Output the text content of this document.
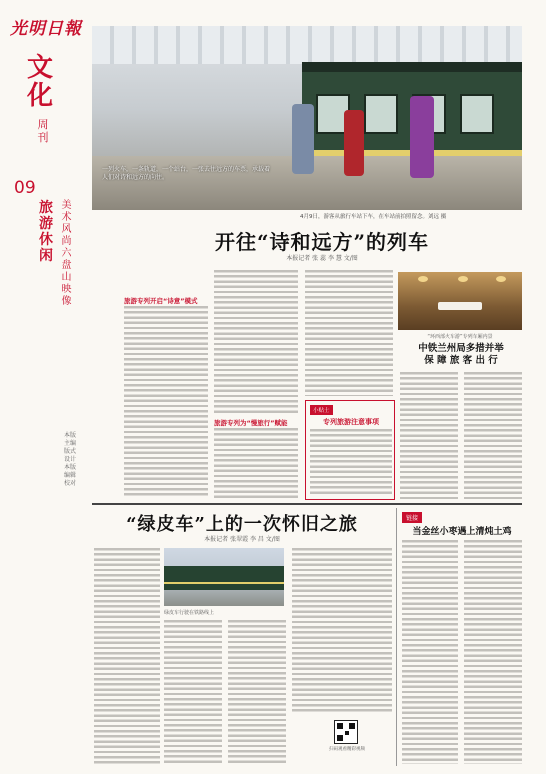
光明日報
文化
周刊
09
旅游休闲
美术风尚 六盘山 映像
本版主编 版式设计 本版编辑 校对
一列火车，一条轨道，一个站台，一张去往远方的车票，承载着人们对诗和远方的向往。
4月9日，游客从旅行车站下车，在车站前拍照留念。刘远 摄
开往“诗和远方”的列车
本报记者 张 蕊 李 慧 文/图
旅游专列开启“诗意”模式
旅游专列为“慢旅行”赋能
小贴士
专列旅游注意事项
“环西部火车游”专列车厢内景
中铁兰州局多措并举
保 障 旅 客 出 行
“绿皮车”上的一次怀旧之旅
本报记者 张翠霞 李 昌 文/图
绿皮车行驶在铁路线上
扫码观看精彩视频
链接
当金丝小枣遇上清炖土鸡
